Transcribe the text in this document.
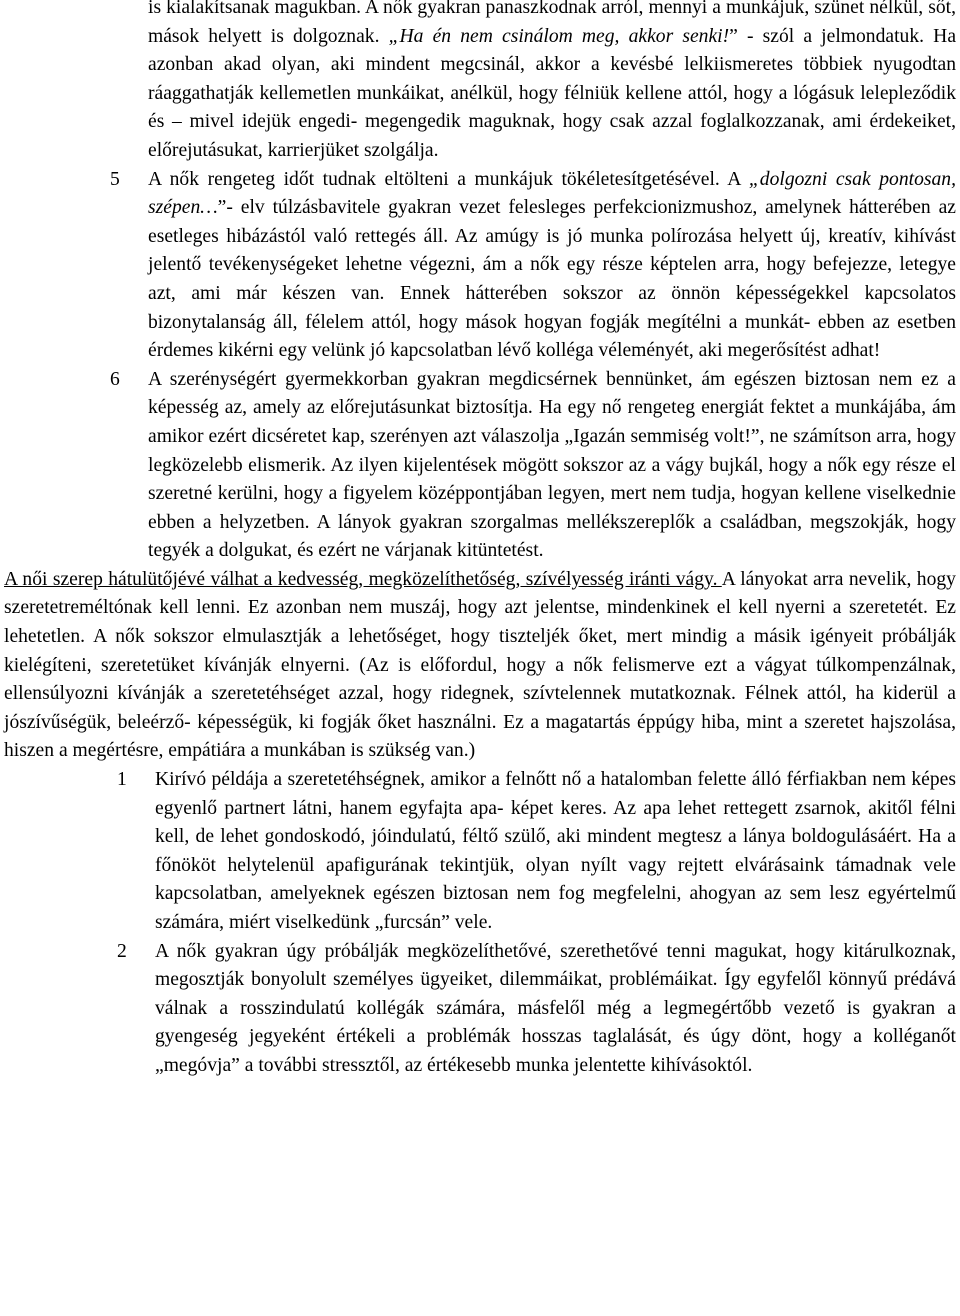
is kialakítsanak magukban. A nők gyakran panaszkodnak arról, mennyi a munkájuk, szünet nélkül, sőt, mások helyett is dolgoznak. „Ha én nem csinálom meg, akkor senki!” - szól a jelmondatuk. Ha azonban akad olyan, aki mindent megcsinál, akkor a kevésbé lelkiismeretes többiek nyugodtan ráaggathatják kellemetlen munkáikat, anélkül, hogy félniük kellene attól, hogy a lógásuk lelepleződik és – mivel idejük engedi- megengedik maguknak, hogy csak azzal foglalkozzanak, ami érdekeiket, előrejutásukat, karrierjüket szolgálja.
5 A nők rengeteg időt tudnak eltölteni a munkájuk tökéletesítgetésével. A „dolgozni csak pontosan, szépen…”- elv túlzásbavitele gyakran vezet felesleges perfekcionizmushoz, amelynek hátterében az esetleges hibázástól való rettegés áll. Az amúgy is jó munka polírozása helyett új, kreatív, kihívást jelentő tevékenységeket lehetne végezni, ám a nők egy része képtelen arra, hogy befejezze, letegye azt, ami már készen van. Ennek hátterében sokszor az önnön képességekkel kapcsolatos bizonytalanság áll, félelem attól, hogy mások hogyan fogják megítélni a munkát- ebben az esetben érdemes kikérni egy velünk jó kapcsolatban lévő kolléga véleményét, aki megerősítést adhat!
6 A szerénységért gyermekkorban gyakran megdicsérnek bennünket, ám egészen biztosan nem ez a képesség az, amely az előrejutásunkat biztosítja. Ha egy nő rengeteg energiát fektet a munkájába, ám amikor ezért dicséretet kap, szerényen azt válaszolja „Igazán semmiség volt!”, ne számítson arra, hogy legközelebb elismerik. Az ilyen kijelentések mögött sokszor az a vágy bujkál, hogy a nők egy része el szeretné kerülni, hogy a figyelem középpontjában legyen, mert nem tudja, hogyan kellene viselkednie ebben a helyzetben. A lányok gyakran szorgalmas mellékszereplők a családban, megszokják, hogy tegyék a dolgukat, és ezért ne várjanak kitüntetést.
A női szerep hátulütőjévé válhat a kedvesség, megközelíthetőség, szívélyesség iránti vágy. A lányokat arra nevelik, hogy szeretetreméltónak kell lenni. Ez azonban nem muszáj, hogy azt jelentse, mindenkinek el kell nyerni a szeretetét. Ez lehetetlen. A nők sokszor elmulasztják a lehetőséget, hogy tiszteljék őket, mert mindig a másik igényeit próbálják kielégíteni, szeretetüket kívánják elnyerni. (Az is előfordul, hogy a nők felismerve ezt a vágyat túlkompenzálnak, ellensúlyozni kívánják a szeretetéhséget azzal, hogy ridegnek, szívtelennek mutatkoznak. Félnek attól, ha kiderül a jószívűségük, beleérző- képességük, ki fogják őket használni. Ez a magatartás éppúgy hiba, mint a szeretet hajszolása, hiszen a megértésre, empátiára a munkában is szükség van.)
1 Kirívó példája a szeretetéhségnek, amikor a felnőtt nő a hatalomban felette álló férfiakban nem képes egyenlő partnert látni, hanem egyfajta apa- képet keres. Az apa lehet rettegett zsarnok, akitől félni kell, de lehet gondoskodó, jóindulatú, féltő szülő, aki mindent megtesz a lánya boldogulásáért. Ha a főnököt helytelenül apafigurának tekintjük, olyan nyílt vagy rejtett elvárásaink támadnak vele kapcsolatban, amelyeknek egészen biztosan nem fog megfelelni, ahogyan az sem lesz egyértelmű számára, miért viselkedünk „furcsán” vele.
2 A nők gyakran úgy próbálják megközelíthetővé, szerethetővé tenni magukat, hogy kitárulkoznak, megosztják bonyolult személyes ügyeiket, dilemmáikat, problémáikat. Így egyfelől könnyű prédává válnak a rosszindulatú kollégák számára, másfelől még a legmegértőbb vezető is gyakran a gyengeség jegyeként értékeli a problémák hosszas taglalását, és úgy dönt, hogy a kolléganőt „megóvja” a további stressztől, az értékesebb munka jelentette kihívásoktól.
